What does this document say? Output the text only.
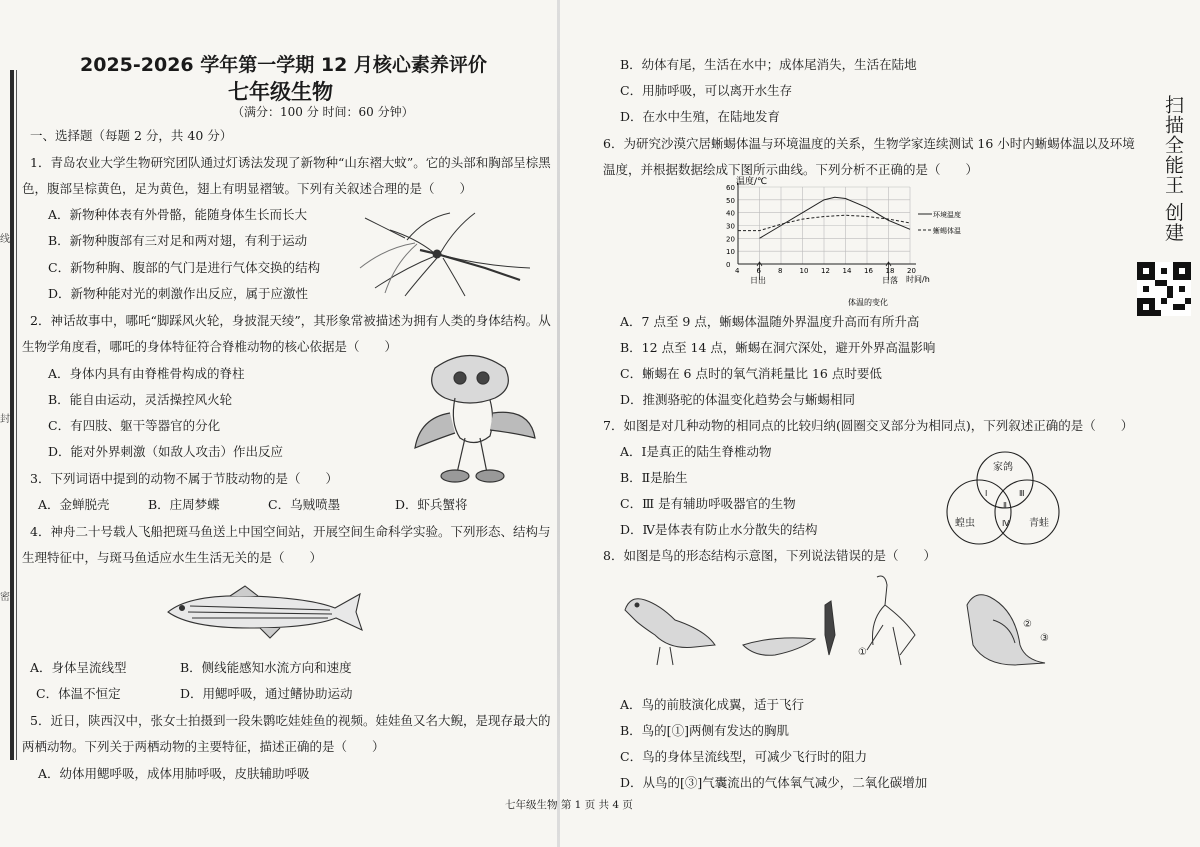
线
封
密
2025-2026 学年第一学期 12 月核心素养评价
七年级生物
（满分：100 分 时间：60 分钟）
一、选择题（每题 2 分，共 40 分）
1．青岛农业大学生物研究团队通过灯诱法发现了新物种“山东褶大蚊”。它的头部和胸部呈棕黑
色，腹部呈棕黄色，足为黄色，翅上有明显褶皱。下列有关叙述合理的是（　　）
A．新物种体表有外骨骼，能随身体生长而长大
B．新物种腹部有三对足和两对翅，有利于运动
C．新物种胸、腹部的气门是进行气体交换的结构
D．新物种能对光的刺激作出反应，属于应激性
2．神话故事中，哪吒“脚踩风火轮，身披混天绫”，其形象常被描述为拥有人类的身体结构。从
生物学角度看，哪吒的身体特征符合脊椎动物的核心依据是（　　）
A．身体内具有由脊椎骨构成的脊柱
B．能自由运动，灵活操控风火轮
C．有四肢、躯干等器官的分化
D．能对外界刺激（如敌人攻击）作出反应
3．下列词语中提到的动物不属于节肢动物的是（　　）
A．金蝉脱壳	B．庄周梦蝶	C．乌贼喷墨	D．虾兵蟹将
4．神舟二十号载人飞船把斑马鱼送上中国空间站，开展空间生命科学实验。下列形态、结构与
生理特征中，与斑马鱼适应水生生活无关的是（　　）
A．身体呈流线型	B．侧线能感知水流方向和速度
C．体温不恒定	D．用鳃呼吸，通过鳍协助运动
5．近日，陕西汉中，张女士拍摄到一段朱鹮吃娃娃鱼的视频。娃娃鱼又名大鲵，是现存最大的
两栖动物。下列关于两栖动物的主要特征，描述正确的是（　　）
A．幼体用鳃呼吸，成体用肺呼吸，皮肤辅助呼吸
B．幼体有尾，生活在水中；成体尾消失，生活在陆地
C．用肺呼吸，可以离开水生存
D．在水中生殖，在陆地发育
6．为研究沙漠穴居蜥蜴体温与环境温度的关系，生物学家连续测试 16 小时内蜥蜴体温以及环境
温度，并根据数据绘成下图所示曲线。下列分析不正确的是（　　）
温度/℃
时间/h
体温的变化
日出	日落
4 6 8 10 12 14 16 18 20
0
10
20
30
40
50
60
环境温度
蜥蜴体温
A．7 点至 9 点，蜥蜴体温随外界温度升高而有所升高
B．12 点至 14 点，蜥蜴在洞穴深处，避开外界高温影响
C．蜥蜴在 6 点时的氧气消耗量比 16 点时要低
D．推测骆驼的体温变化趋势会与蜥蜴相同
7．如图是对几种动物的相同点的比较归纳(圆圈交叉部分为相同点)，下列叙述正确的是（　　）
A．Ⅰ是真正的陆生脊椎动物
B．Ⅱ是胎生
C．Ⅲ 是有辅助呼吸器官的生物
D．Ⅳ是体表有防止水分散失的结构
家鸽
蝗虫	青蛙
Ⅰ
Ⅱ
Ⅲ
Ⅳ
8．如图是鸟的形态结构示意图，下列说法错误的是（　　）
①
②
③
A．鸟的前肢演化成翼，适于飞行
B．鸟的[①]两侧有发达的胸肌
C．鸟的身体呈流线型，可减少飞行时的阻力
D．从鸟的[③]气囊流出的气体氧气减少，二氧化碳增加
七年级生物 第 1 页 共 4 页
扫描全能王 创建
